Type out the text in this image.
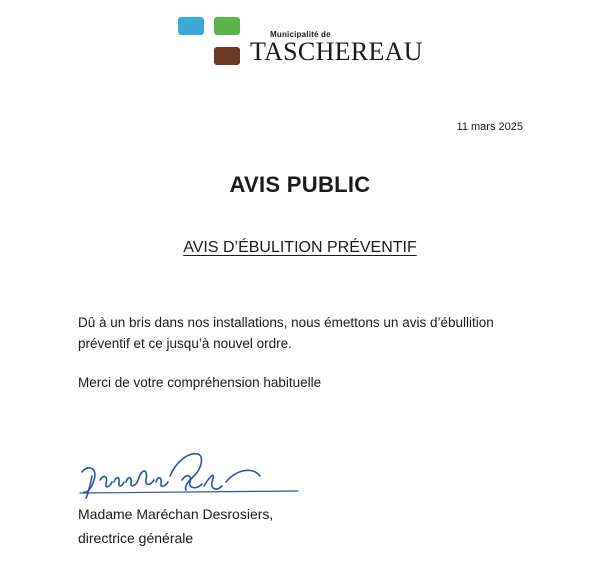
Municipalité de
TASCHEREAU
11 mars 2025
AVIS PUBLIC
AVIS D’ÉBULITION PRÉVENTIF
Dû à un bris dans nos installations, nous émettons un avis d’ébullition
préventif et ce jusqu’à nouvel ordre.
Merci de votre compréhension habituelle
Madame Maréchan Desrosiers,
directrice générale
